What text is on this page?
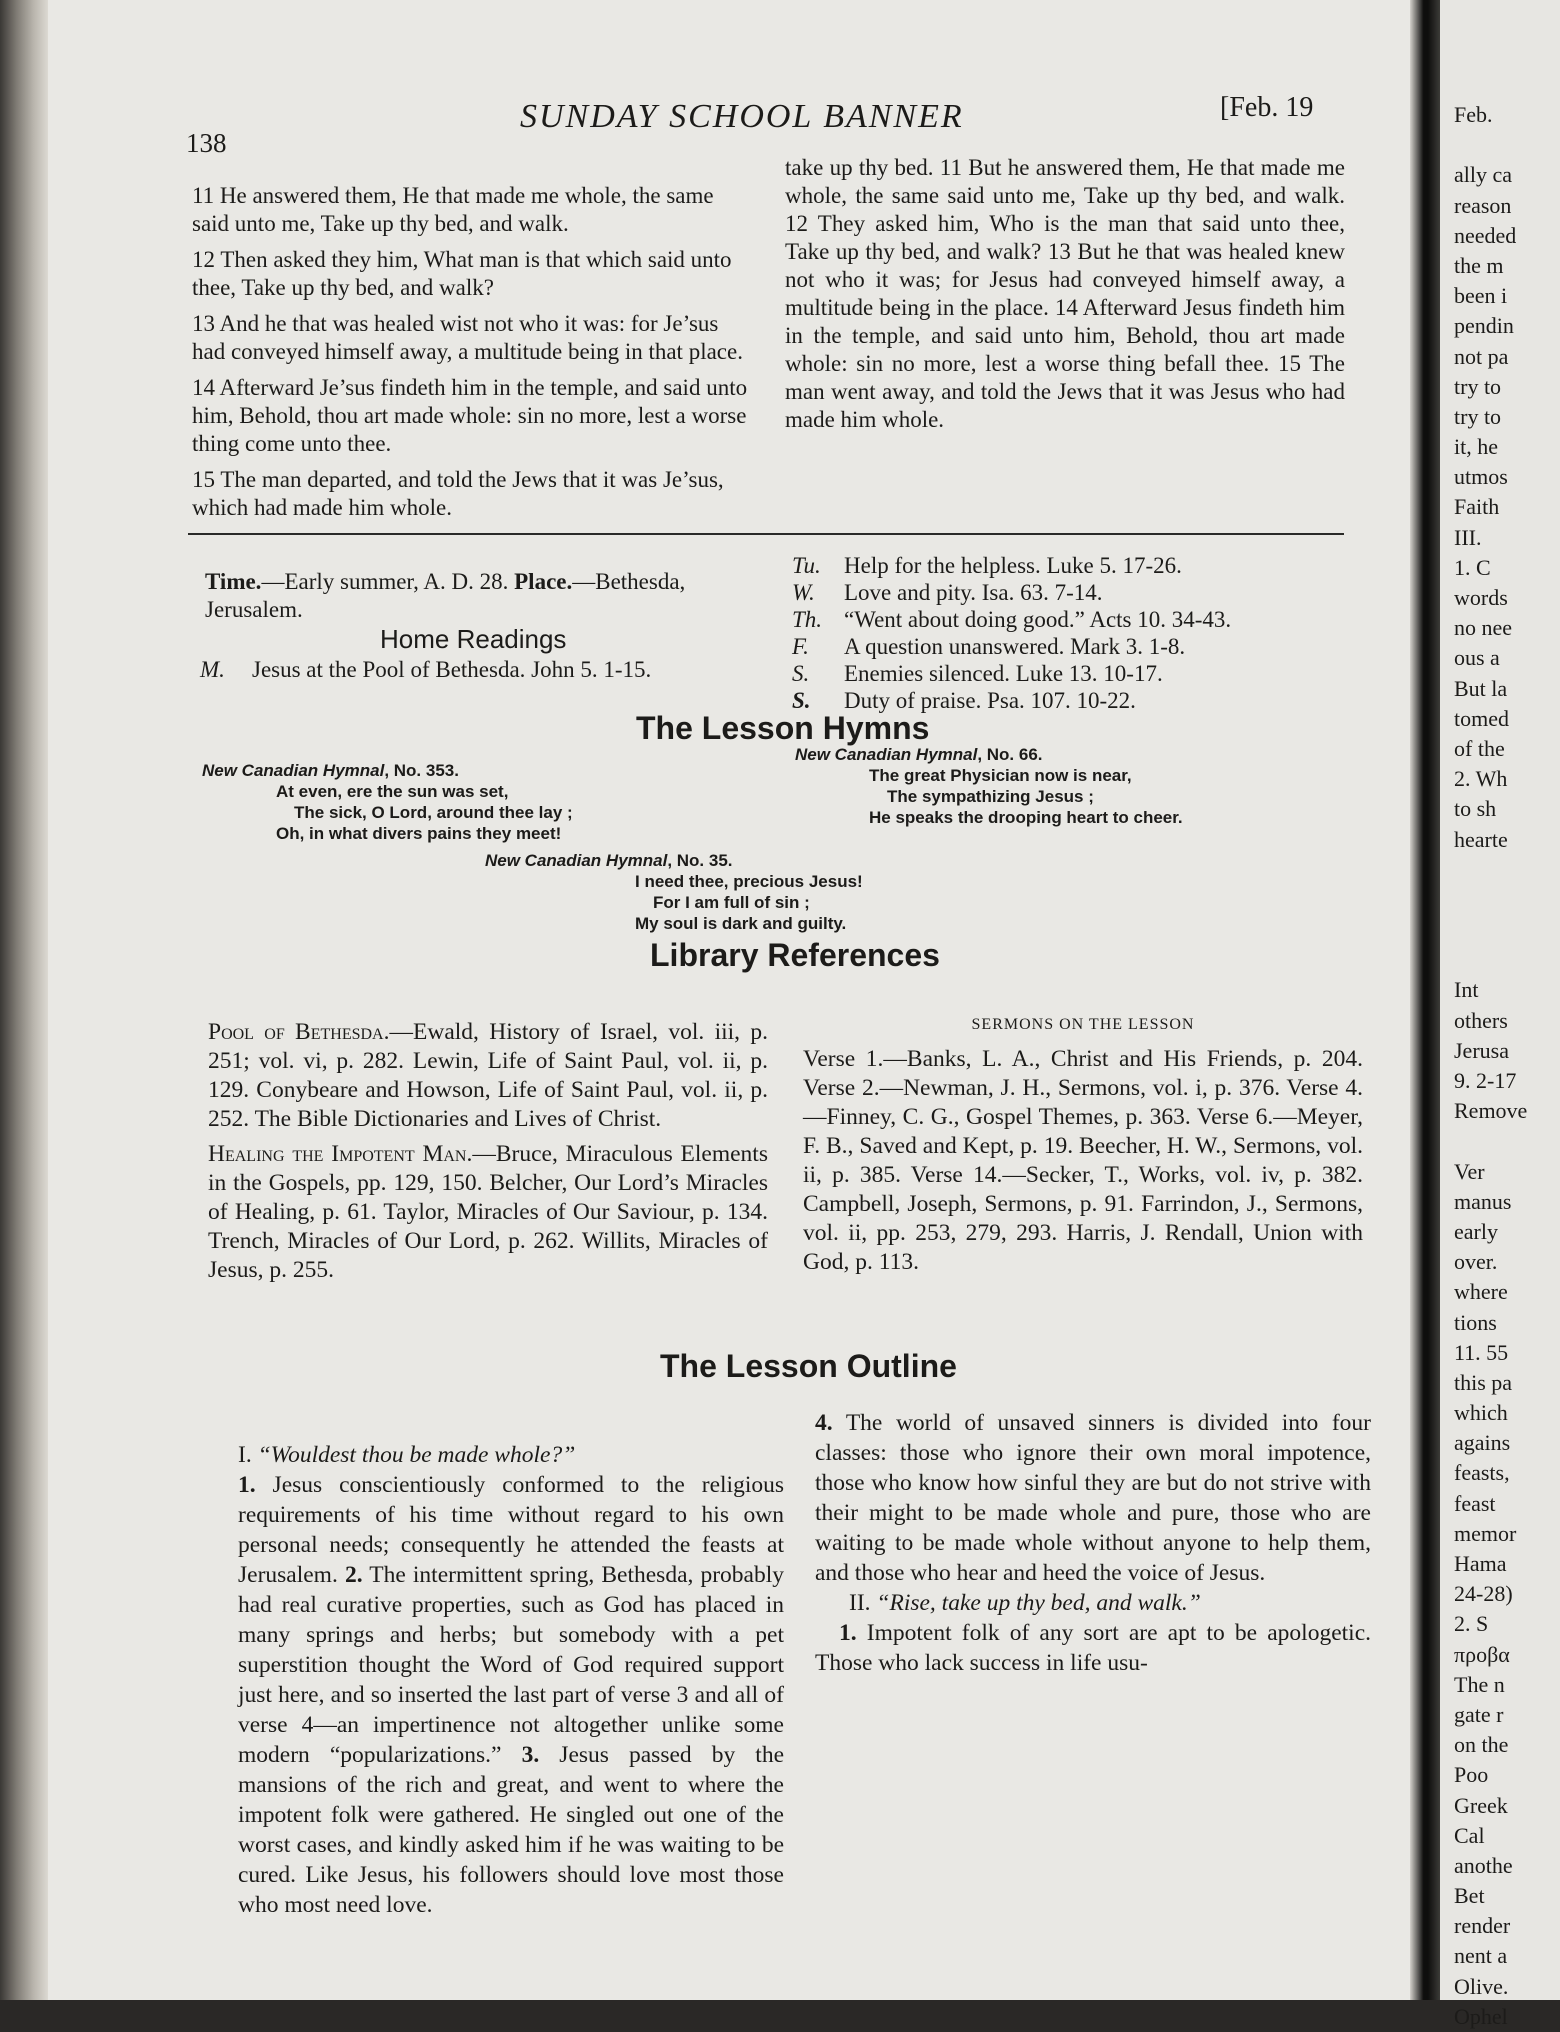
138
SUNDAY SCHOOL BANNER	[Feb. 19

11 He answered them, He that made me whole, the same said unto me, Take up thy bed, and walk.

12 Then asked they him, What man is that which said unto thee, Take up thy bed, and walk?

13 And he that was healed wist not who it was: for Je’sus had conveyed himself away, a multitude being in that place.

14 Afterward Je’sus findeth him in the temple, and said unto him, Behold, thou art made whole: sin no more, lest a worse thing come unto thee.

15 The man departed, and told the Jews that it was Je’sus, which had made him whole.

take up thy bed. 11 But he answered them, He that made me whole, the same said unto me, Take up thy bed, and walk. 12 They asked him, Who is the man that said unto thee, Take up thy bed, and walk? 13 But he that was healed knew not who it was; for Jesus had conveyed himself away, a multitude being in the place. 14 Afterward Jesus findeth him in the temple, and said unto him, Behold, thou art made whole: sin no more, lest a worse thing befall thee. 15 The man went away, and told the Jews that it was Jesus who had made him whole.

Time.—Early summer, A. D. 28. Place.—Bethesda, Jerusalem.
Home Readings
M. Jesus at the Pool of Bethesda. John 5. 1-15.
Tu. Help for the helpless. Luke 5. 17-26.
W. Love and pity. Isa. 63. 7-14.
Th. “Went about doing good.” Acts 10. 34-43.
F. A question unanswered. Mark 3. 1-8.
S. Enemies silenced. Luke 13. 10-17.
S. Duty of praise. Psa. 107. 10-22.
The Lesson Hymns
New Canadian Hymnal, No. 353.
At even, ere the sun was set,
The sick, O Lord, around thee lay ;
Oh, in what divers pains they meet!
New Canadian Hymnal, No. 66.
The great Physician now is near,
The sympathizing Jesus ;
He speaks the drooping heart to cheer.
New Canadian Hymnal, No. 35.
I need thee, precious Jesus!
For I am full of sin ;
My soul is dark and guilty.
Library References

Pool of Bethesda.—Ewald, History of Israel, vol. iii, p. 251; vol. vi, p. 282. Lewin, Life of Saint Paul, vol. ii, p. 129. Conybeare and Howson, Life of Saint Paul, vol. ii, p. 252. The Bible Dictionaries and Lives of Christ.

Healing the Impotent Man.—Bruce, Miraculous Elements in the Gospels, pp. 129, 150. Belcher, Our Lord’s Miracles of Healing, p. 61. Taylor, Miracles of Our Saviour, p. 134. Trench, Miracles of Our Lord, p. 262. Willits, Miracles of Jesus, p. 255.

SERMONS ON THE LESSON

Verse 1.—Banks, L. A., Christ and His Friends, p. 204. Verse 2.—Newman, J. H., Sermons, vol. i, p. 376. Verse 4.—Finney, C. G., Gospel Themes, p. 363. Verse 6.—Meyer, F. B., Saved and Kept, p. 19. Beecher, H. W., Sermons, vol. ii, p. 385. Verse 14.—Secker, T., Works, vol. iv, p. 382. Campbell, Joseph, Sermons, p. 91. Farrindon, J., Sermons, vol. ii, pp. 253, 279, 293. Harris, J. Rendall, Union with God, p. 113.

The Lesson Outline

I. “Wouldest thou be made whole?”

1. Jesus conscientiously conformed to the religious requirements of his time without regard to his own personal needs; consequently he attended the feasts at Jerusalem. 2. The intermittent spring, Bethesda, probably had real curative properties, such as God has placed in many springs and herbs; but somebody with a pet superstition thought the Word of God required support just here, and so inserted the last part of verse 3 and all of verse 4—an impertinence not altogether unlike some modern “popularizations.” 3. Jesus passed by the mansions of the rich and great, and went to where the impotent folk were gathered. He singled out one of the worst cases, and kindly asked him if he was waiting to be cured. Like Jesus, his followers should love most those who most need love.

4. The world of unsaved sinners is divided into four classes: those who ignore their own moral impotence, those who know how sinful they are but do not strive with their might to be made whole and pure, those who are waiting to be made whole without anyone to help them, and those who hear and heed the voice of Jesus.

II. “Rise, take up thy bed, and walk.”

1. Impotent folk of any sort are apt to be apologetic. Those who lack success in life usu-

Feb.
ally ca
reason
needed
the m
been i
pendin
not pa
try to
try to
it, he
utmos
Faith
III.
1. C
words
no nee
ous a
But la
tomed
of the
2. Wh
to sh
hearte
Int
others
Jerusa
9. 2-17
Remove
Ver
manus
early
over.
where
tions
11. 55
this pa
which
agains
feasts,
feast
memor
Hama
24-28)
2. S
προβα
The n
gate r
on the
Poo
Greek
Cal
anothe
Bet
render
nent a
Olive.
Ophel
